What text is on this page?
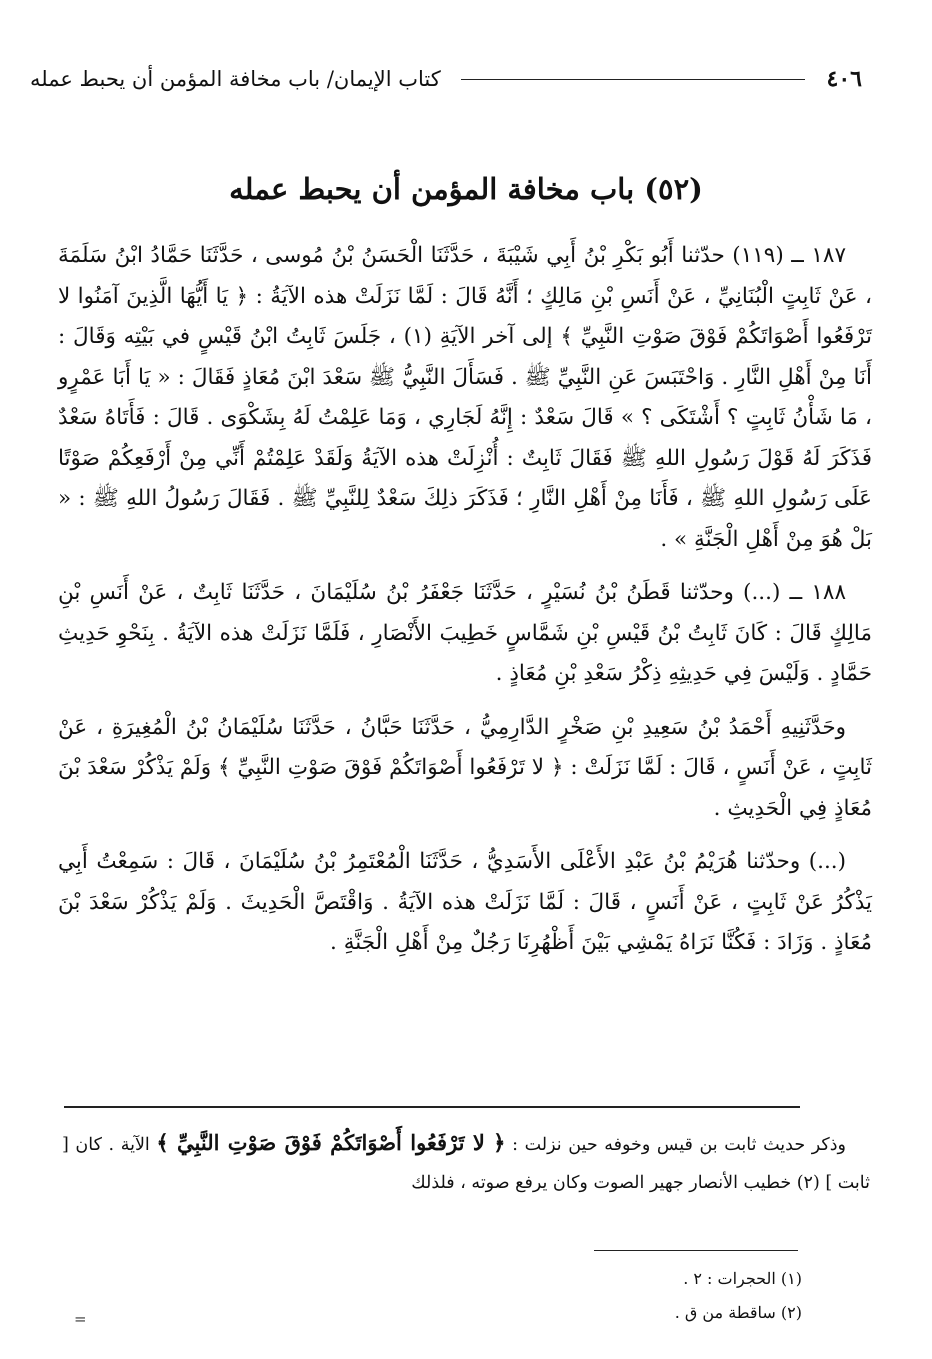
٤٠٦
كتاب الإيمان/ باب مخافة المؤمن أن يحبط عمله
(٥٢) باب مخافة المؤمن أن يحبط عمله

١٨٧ ــ (١١٩) حدّثنا أَبُو بَكْرِ بْنُ أَبِي شَيْبَةَ ، حَدَّثَنَا الْحَسَنُ بْنُ مُوسى ، حَدَّثَنَا حَمَّادُ ابْنُ سَلَمَةَ ، عَنْ ثَابِتٍ الْبُنَانِيِّ ، عَنْ أَنَسِ بْنِ مَالِكٍ ؛ أَنَّهُ قَالَ : لَمَّا نَزَلَتْ هذه الآيَةُ : ﴿ يَا أَيُّهَا الَّذِينَ آمَنُوا لا تَرْفَعُوا أَصْوَاتَكُمْ فَوْقَ صَوْتِ النَّبِيِّ ﴾ إلى آخر الآيَةِ (١) ، جَلَسَ ثَابِتُ ابْنُ قَيْسٍ في بَيْتِه وَقَالَ : أَنَا مِنْ أَهْلِ النَّارِ . وَاحْتَبَسَ عَنِ النَّبِيِّ ﷺ . فَسَأَلَ النَّبِيُّ ﷺ سَعْدَ ابْنَ مُعَاذٍ فَقَالَ : « يَا أَبَا عَمْرٍو ، مَا شَأْنُ ثَابِتٍ ؟ أَشْتَكَى ؟ » قَالَ سَعْدٌ : إِنَّهُ لَجَارِي ، وَمَا عَلِمْتُ لَهُ بِشَكْوَى . قَالَ : فَأَتَاهُ سَعْدٌ فَذَكَرَ لَهُ قَوْلَ رَسُولِ اللهِ ﷺ فَقَالَ ثَابِتٌ : أُنْزِلَتْ هذه الآيَةُ وَلَقَدْ عَلِمْتُمْ أَنِّي مِنْ أَرْفَعِكُمْ صَوْتًا عَلَى رَسُولِ اللهِ ﷺ ، فَأَنَا مِنْ أَهْلِ النَّارِ ؛ فَذَكَرَ ذلِكَ سَعْدٌ لِلنَّبِيِّ ﷺ . فَقَالَ رَسُولُ اللهِ ﷺ : « بَلْ هُوَ مِنْ أَهْلِ الْجَنَّةِ » .

١٨٨ ــ (...) وحدّثنا قَطَنُ بْنُ نُسَيْرٍ ، حَدَّثَنَا جَعْفَرُ بْنُ سُلَيْمَانَ ، حَدَّثَنَا ثَابِتٌ ، عَنْ أَنَسِ بْنِ مَالِكٍ قَالَ : كَانَ ثَابِتُ بْنُ قَيْسِ بْنِ شَمَّاسٍ خَطِيبَ الأَنْصَارِ ، فَلَمَّا نَزَلَتْ هذه الآيَةُ . بِنَحْوِ حَدِيثِ حَمَّادٍ . وَلَيْسَ فِي حَدِيثِهِ ذِكْرُ سَعْدِ بْنِ مُعَاذٍ .

وحَدَّثَنِيهِ أَحْمَدُ بْنُ سَعِيدِ بْنِ صَخْرٍ الدَّارِمِيُّ ، حَدَّثَنَا حَبَّانُ ، حَدَّثَنَا سُلَيْمَانُ بْنُ الْمُغِيرَةِ ، عَنْ ثَابِتٍ ، عَنْ أَنَسٍ ، قَالَ : لَمَّا نَزَلَتْ : ﴿ لا تَرْفَعُوا أَصْوَاتَكُمْ فَوْقَ صَوْتِ النَّبِيِّ ﴾ وَلَمْ يَذْكُرْ سَعْدَ بْنَ مُعَاذٍ فِي الْحَدِيثِ .

(...) وحدّثنا هُرَيْمُ بْنُ عَبْدِ الأَعْلَى الأَسَدِيُّ ، حَدَّثَنَا الْمُعْتَمِرُ بْنُ سُلَيْمَانَ ، قَالَ : سَمِعْتُ أَبِي يَذْكُرُ عَنْ ثَابِتٍ ، عَنْ أَنَسٍ ، قَالَ : لَمَّا نَزَلَتْ هذه الآيَةُ . وَاقْتَصَّ الْحَدِيثَ . وَلَمْ يَذْكُرْ سَعْدَ بْنَ مُعَاذٍ . وَزَادَ : فَكُنَّا نَرَاهُ يَمْشِي بَيْنَ أَظْهُرِنَا رَجُلٌ مِنْ أَهْلِ الْجَنَّةِ .

وذكر حديث ثابت بن قيس وخوفه حين نزلت : ﴿ لا تَرْفَعُوا أَصْوَاتَكُمْ فَوْقَ صَوْتِ النَّبِيِّ ﴾ الآية . كان [ ثابت ] (٢) خطيب الأنصار جهير الصوت وكان يرفع صوته ، فلذلك

(١) الحجرات : ٢ .
(٢) ساقطة من ق .
=
